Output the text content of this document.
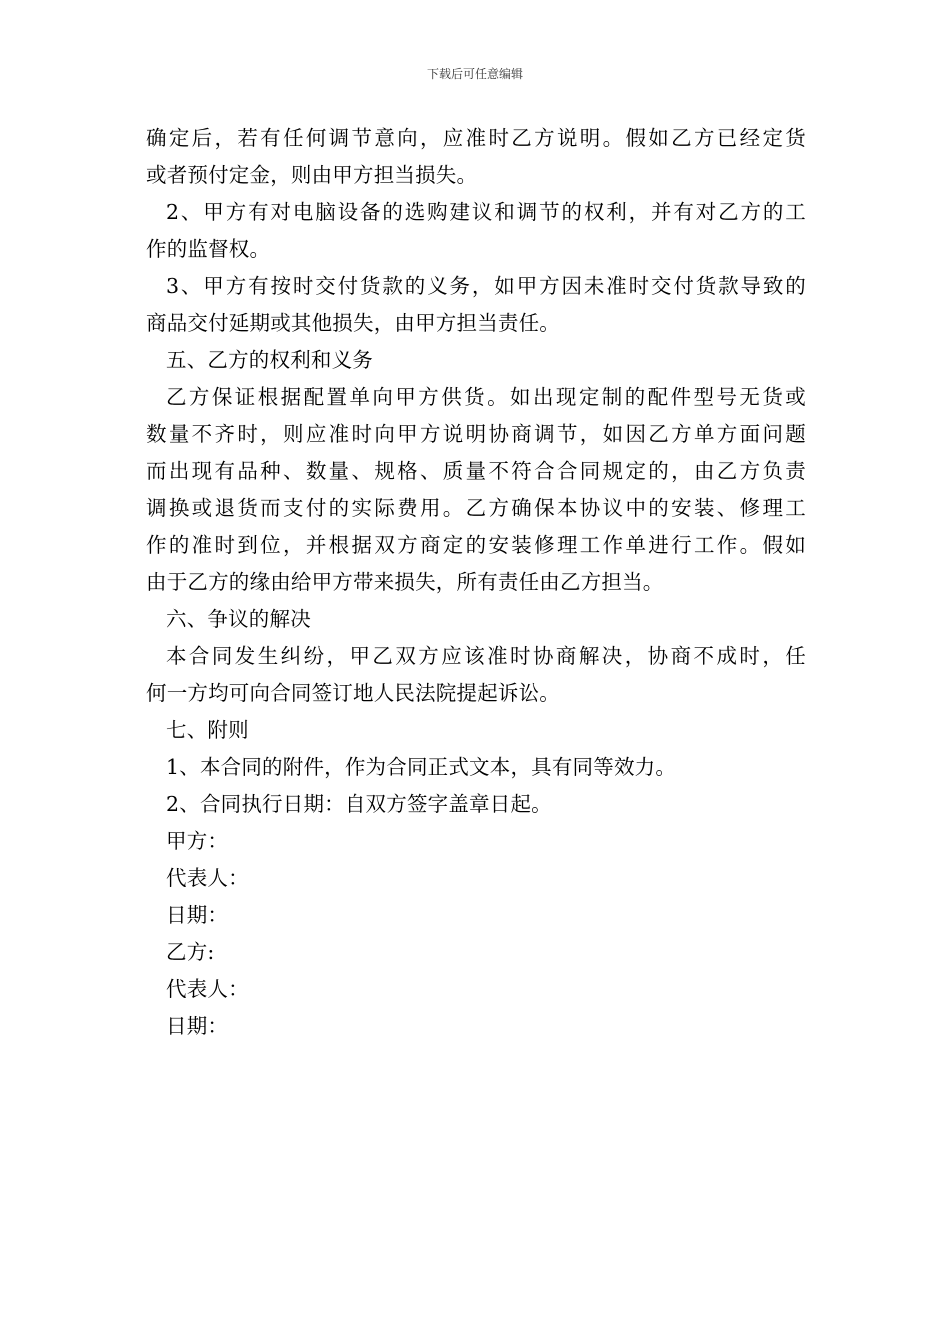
下载后可任意编辑
确定后，若有任何调节意向，应准时乙方说明。假如乙方已经定货
或者预付定金，则由甲方担当损失。
2、甲方有对电脑设备的选购建议和调节的权利，并有对乙方的工
作的监督权。
3、甲方有按时交付货款的义务，如甲方因未准时交付货款导致的
商品交付延期或其他损失，由甲方担当责任。
五、乙方的权利和义务
乙方保证根据配置单向甲方供货。如出现定制的配件型号无货或
数量不齐时，则应准时向甲方说明协商调节，如因乙方单方面问题
而出现有品种、数量、规格、质量不符合合同规定的，由乙方负责
调换或退货而支付的实际费用。乙方确保本协议中的安装、修理工
作的准时到位，并根据双方商定的安装修理工作单进行工作。假如
由于乙方的缘由给甲方带来损失，所有责任由乙方担当。
六、争议的解决
本合同发生纠纷，甲乙双方应该准时协商解决，协商不成时，任
何一方均可向合同签订地人民法院提起诉讼。
七、附则
1、本合同的附件，作为合同正式文本，具有同等效力。
2、合同执行日期：自双方签字盖章日起。
甲方：
代表人：
日期：
乙方:
代表人：
日期：
